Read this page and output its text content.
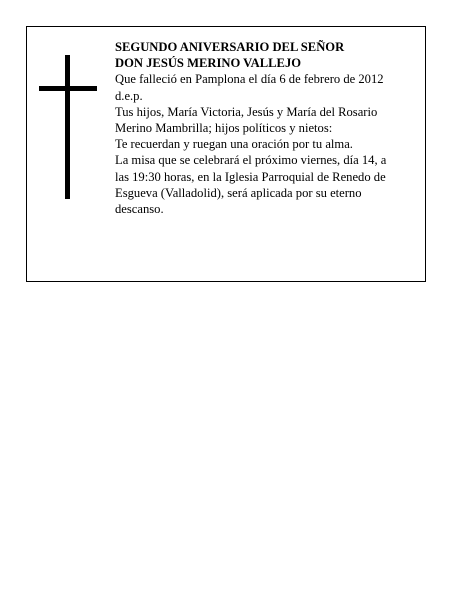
SEGUNDO ANIVERSARIO DEL SEÑOR

DON JESÚS MERINO VALLEJO

Que falleció en Pamplona el día 6 de febrero de 2012

d.e.p.

Tus hijos, María Victoria, Jesús y María del Rosario

Merino Mambrilla; hijos políticos y nietos:

Te recuerdan y ruegan una oración por tu alma.

La misa que se celebrará el próximo viernes, día 14, a

las 19:30 horas, en la Iglesia Parroquial de Renedo de

Esgueva (Valladolid), será aplicada por su eterno

descanso.
